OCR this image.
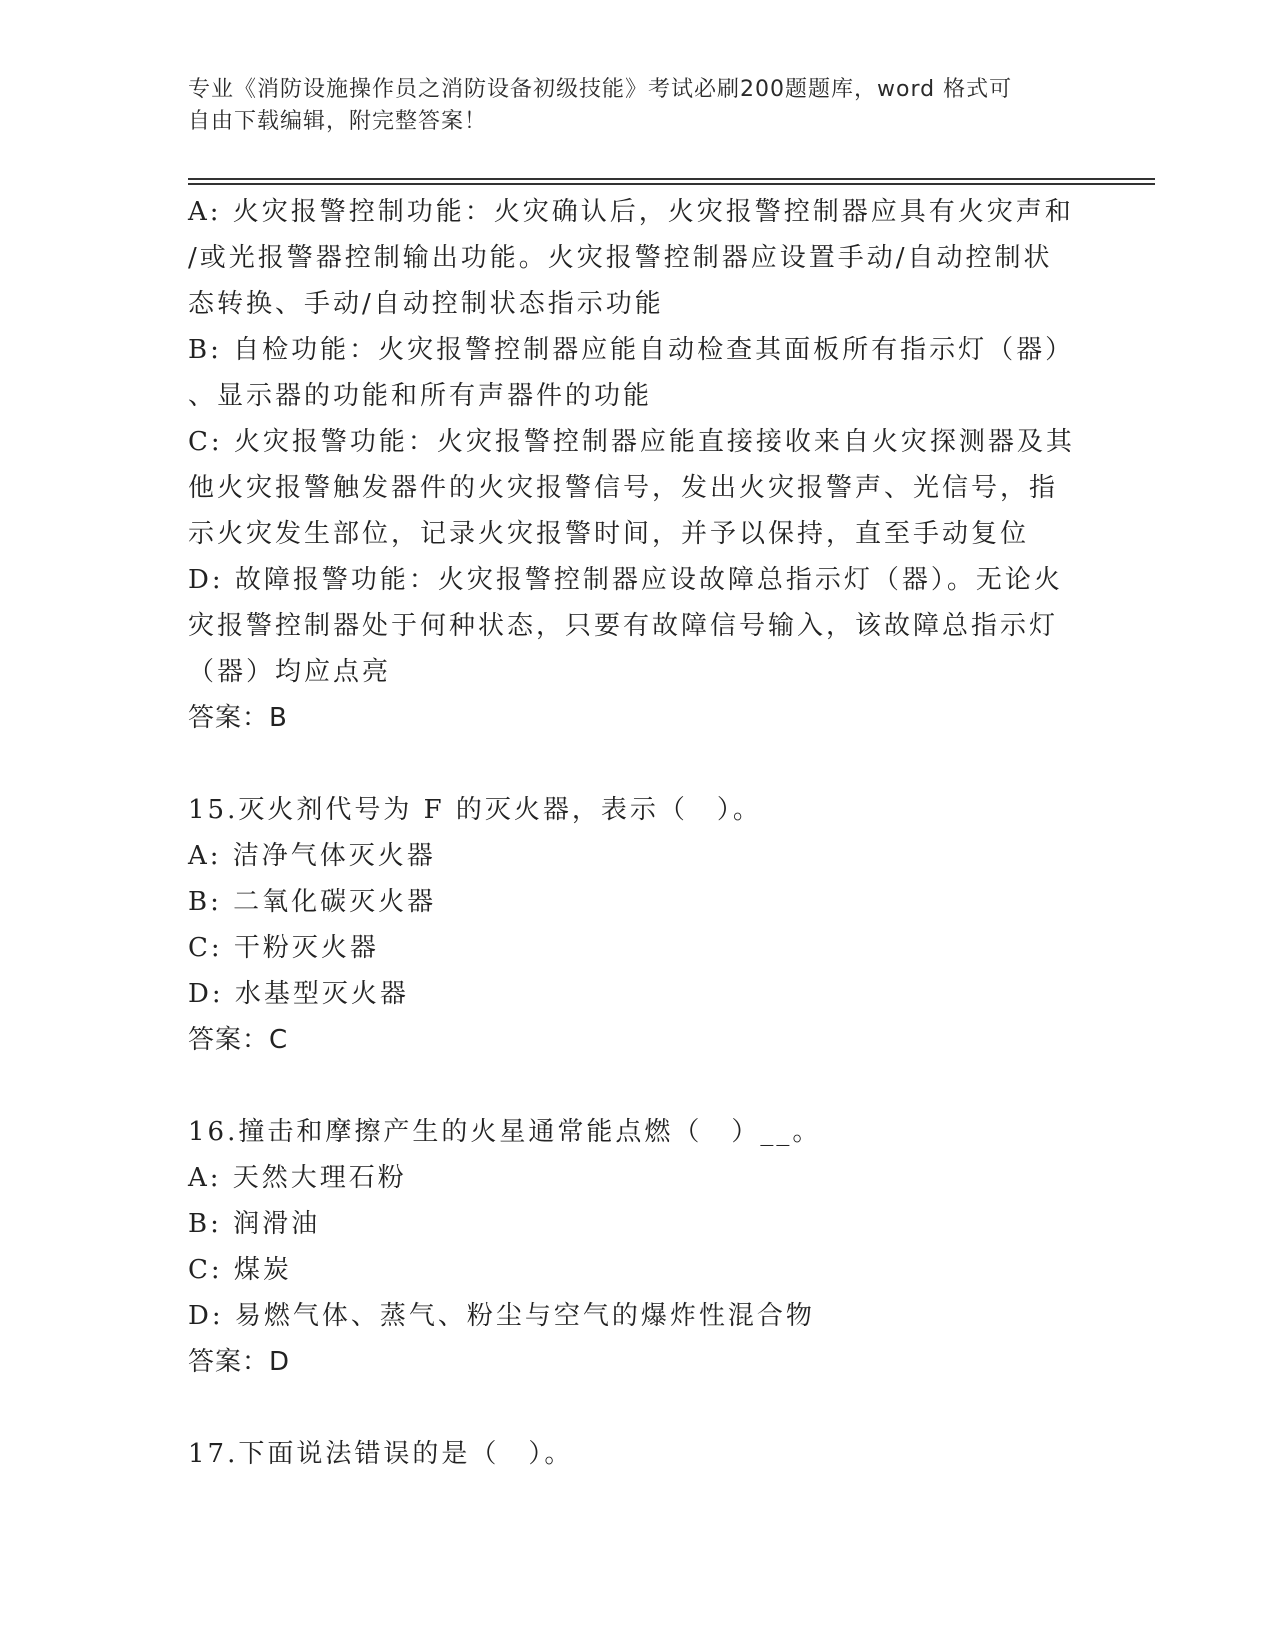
专业《消防设施操作员之消防设备初级技能》考试必刷200题题库，word 格式可
自由下载编辑，附完整答案！

A: 火灾报警控制功能：火灾确认后，火灾报警控制器应具有火灾声和

/或光报警器控制输出功能。火灾报警控制器应设置手动/自动控制状

态转换、手动/自动控制状态指示功能

B: 自检功能：火灾报警控制器应能自动检查其面板所有指示灯（器）

、显示器的功能和所有声器件的功能

C: 火灾报警功能：火灾报警控制器应能直接接收来自火灾探测器及其

他火灾报警触发器件的火灾报警信号，发出火灾报警声、光信号，指

示火灾发生部位，记录火灾报警时间，并予以保持，直至手动复位

D: 故障报警功能：火灾报警控制器应设故障总指示灯（器）。无论火

灾报警控制器处于何种状态，只要有故障信号输入，该故障总指示灯

（器）均应点亮

答案：B

15.灭火剂代号为 F 的灭火器，表示（　）。

A: 洁净气体灭火器

B: 二氧化碳灭火器

C: 干粉灭火器

D: 水基型灭火器

答案：C

16.撞击和摩擦产生的火星通常能点燃（　）__。

A: 天然大理石粉

B: 润滑油

C: 煤炭

D: 易燃气体、蒸气、粉尘与空气的爆炸性混合物

答案：D

17.下面说法错误的是（　）。
